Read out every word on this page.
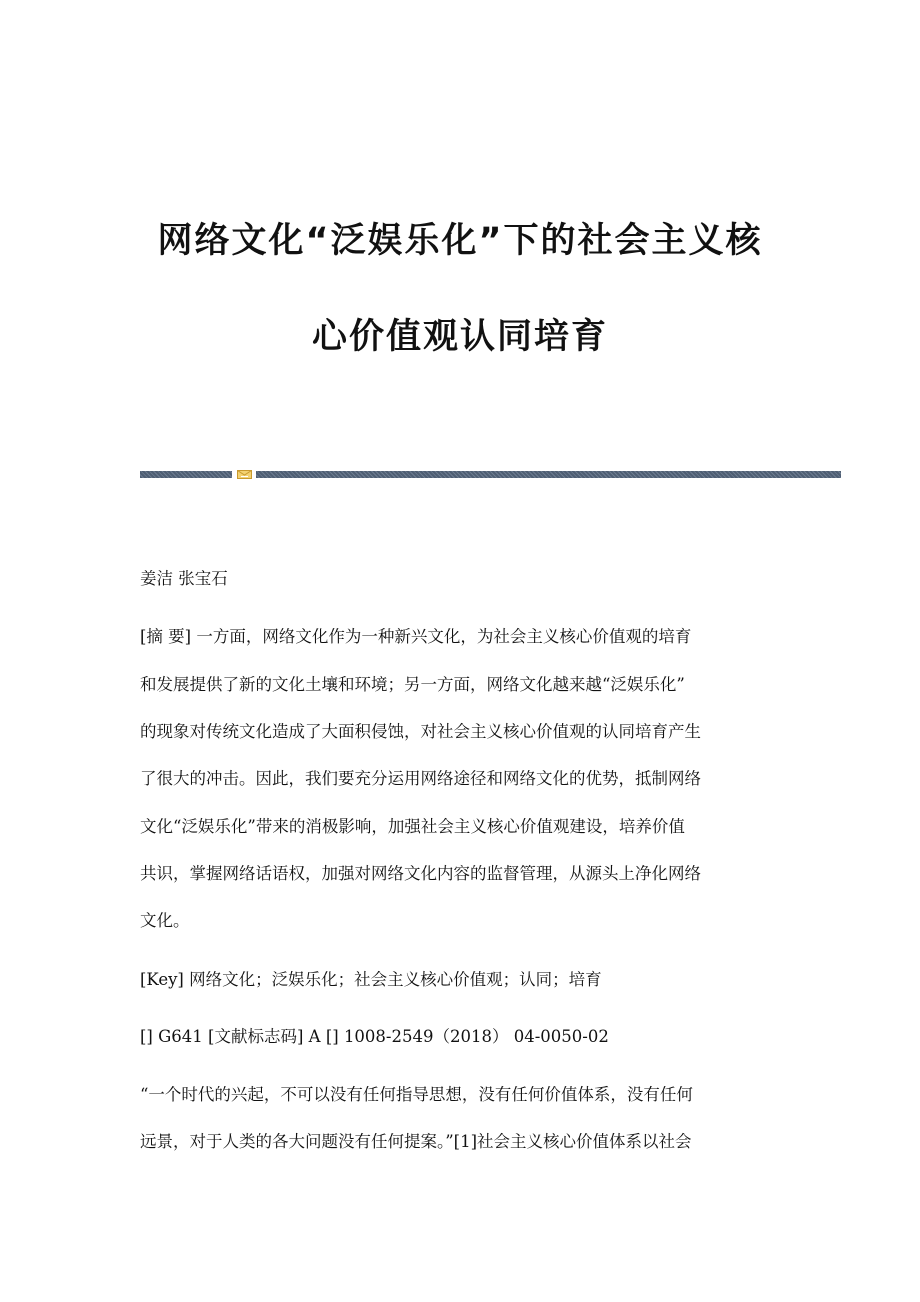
网络文化“泛娱乐化”下的社会主义核
心价值观认同培育
姜洁 张宝石
[摘 要] 一方面，网络文化作为一种新兴文化，为社会主义核心价值观的培育
和发展提供了新的文化土壤和环境；另一方面，网络文化越来越“泛娱乐化”
的现象对传统文化造成了大面积侵蚀，对社会主义核心价值观的认同培育产生
了很大的冲击。因此，我们要充分运用网络途径和网络文化的优势，抵制网络
文化“泛娱乐化”带来的消极影响，加强社会主义核心价值观建设，培养价值
共识，掌握网络话语权，加强对网络文化内容的监督管理，从源头上净化网络
文化。
[Key] 网络文化；泛娱乐化；社会主义核心价值观；认同；培育
[] G641 [文献标志码] A [] 1008-2549（2018） 04-0050-02
“一个时代的兴起，不可以没有任何指导思想，没有任何价值体系，没有任何
远景，对于人类的各大问题没有任何提案。”[1]社会主义核心价值体系以社会
